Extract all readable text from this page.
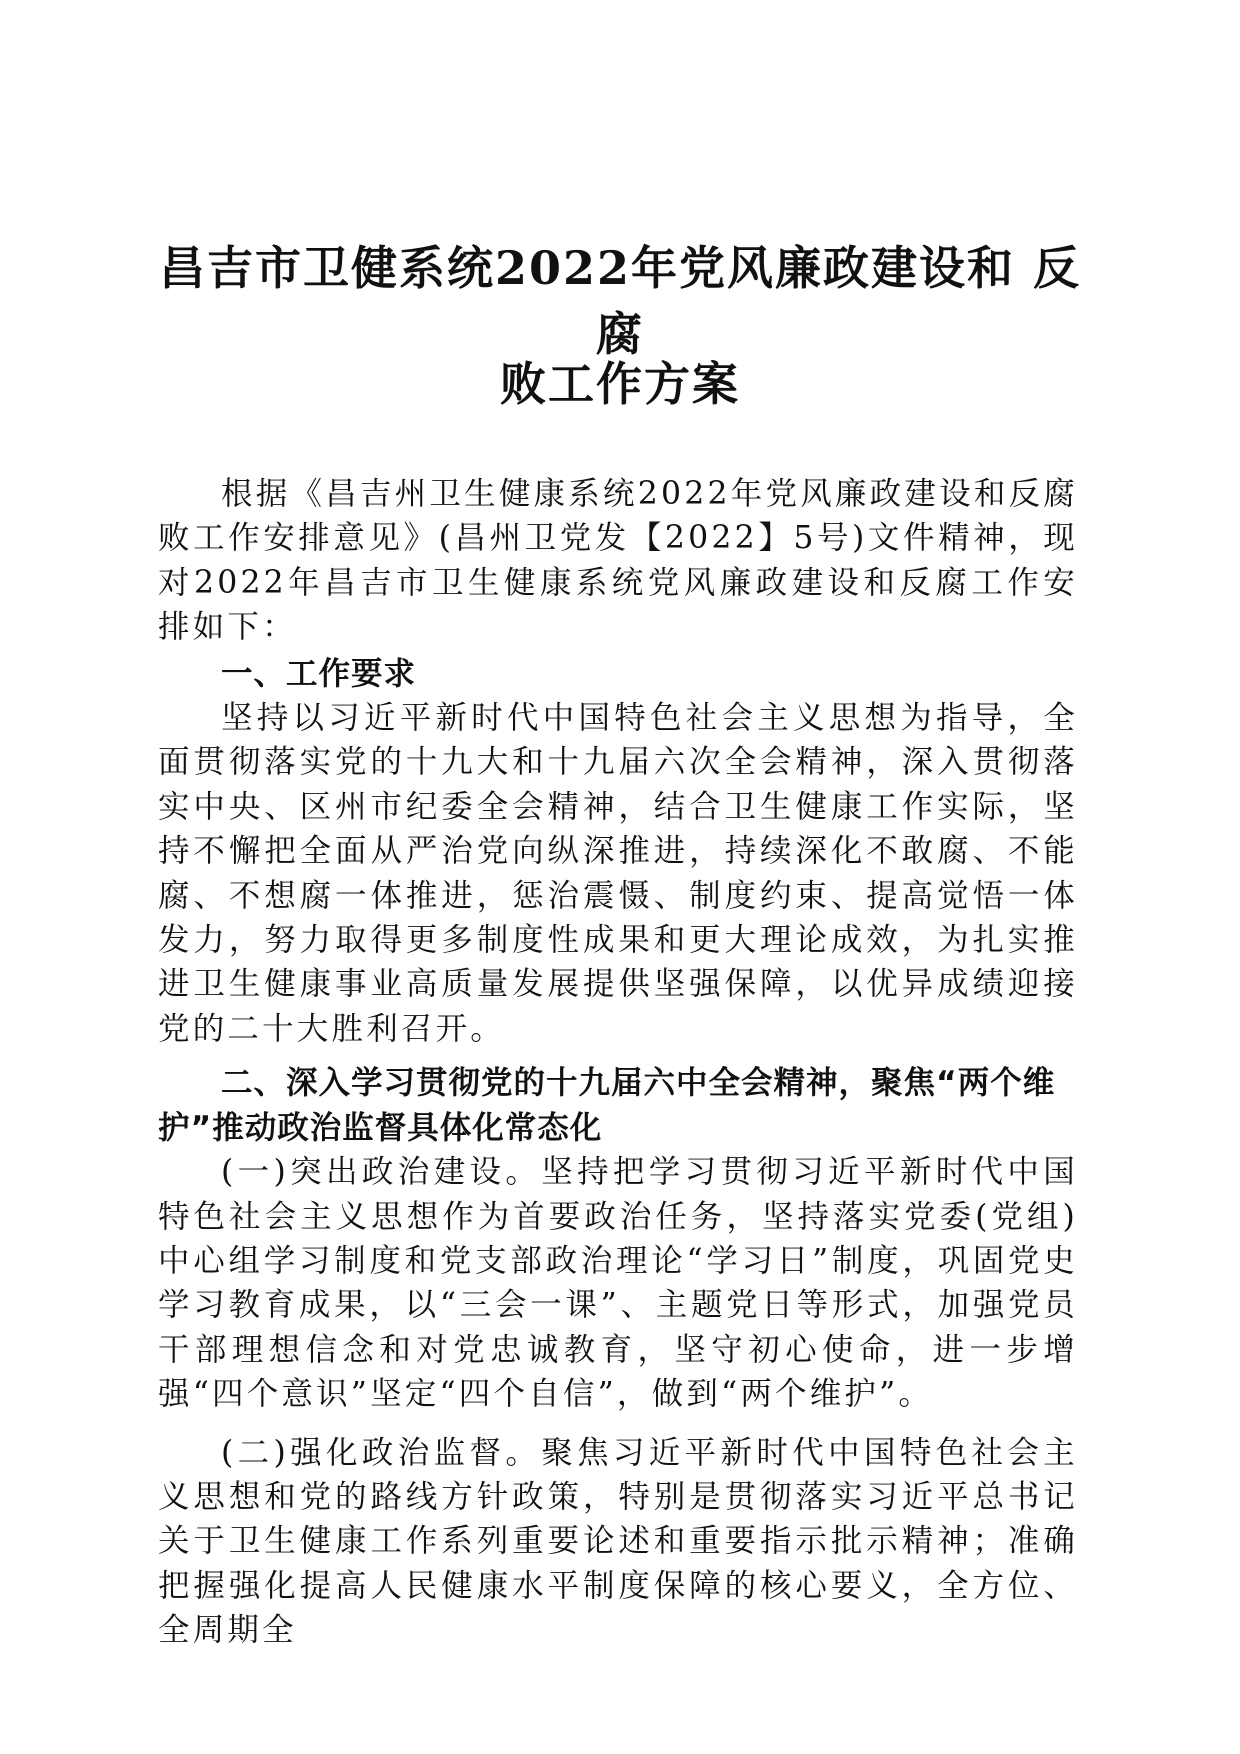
昌吉市卫健系统2022年党风廉政建设和 反腐
败工作方案

根据《昌吉州卫生健康系统2022年党风廉政建设和反腐败工作安排意见》(昌州卫党发【2022】5号)文件精神，现对2022年昌吉市卫生健康系统党风廉政建设和反腐工作安排如下：

一、工作要求

坚持以习近平新时代中国特色社会主义思想为指导，全面贯彻落实党的十九大和十九届六次全会精神，深入贯彻落实中央、区州市纪委全会精神，结合卫生健康工作实际，坚持不懈把全面从严治党向纵深推进，持续深化不敢腐、不能腐、不想腐一体推进，惩治震慑、制度约束、提高觉悟一体发力，努力取得更多制度性成果和更大理论成效，为扎实推进卫生健康事业高质量发展提供坚强保障，以优异成绩迎接党的二十大胜利召开。

二、深入学习贯彻党的十九届六中全会精神，聚焦“两个维护”推动政治监督具体化常态化

(一)突出政治建设。坚持把学习贯彻习近平新时代中国特色社会主义思想作为首要政治任务，坚持落实党委(党组)中心组学习制度和党支部政治理论“学习日”制度，巩固党史学习教育成果，以“三会一课”、主题党日等形式，加强党员干部理想信念和对党忠诚教育，坚守初心使命，进一步增强“四个意识”坚定“四个自信”，做到“两个维护”。

(二)强化政治监督。聚焦习近平新时代中国特色社会主义思想和党的路线方针政策，特别是贯彻落实习近平总书记关于卫生健康工作系列重要论述和重要指示批示精神；准确把握强化提高人民健康水平制度保障的核心要义，全方位、全周期全
